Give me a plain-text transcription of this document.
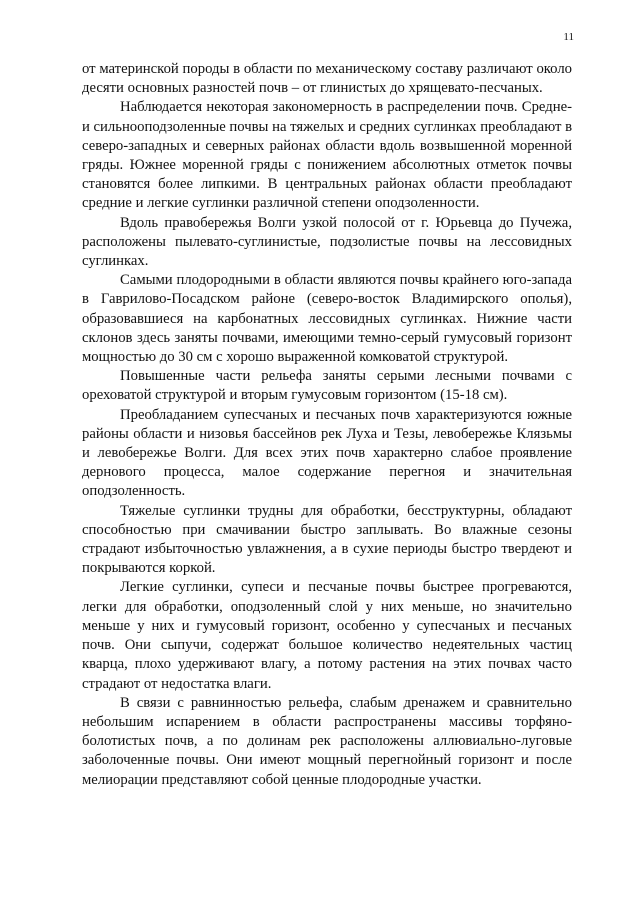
11

от материнской породы в области по механическому составу различают около десяти основных разностей почв – от глинистых до хрящевато-песчаных.

Наблюдается некоторая закономерность в распределении почв. Средне- и сильнооподзоленные почвы на тяжелых и средних суглинках преобладают в северо-западных и северных районах области вдоль возвышенной моренной гряды. Южнее моренной гряды с понижением абсолютных отметок почвы становятся более липкими. В центральных районах области преобладают средние и легкие суглинки различной степени оподзоленности.

Вдоль правобережья Волги узкой полосой от г. Юрьевца до Пучежа, расположены пылевато-суглинистые, подзолистые почвы на лессовидных суглинках.

Самыми плодородными в области являются почвы крайнего юго-запада в Гаврилово-Посадском районе (северо-восток Владимирского ополья), образовавшиеся на карбонатных лессовидных суглинках. Нижние части склонов здесь заняты почвами, имеющими темно-серый гумусовый горизонт мощностью до 30 см с хорошо выраженной комковатой структурой.

Повышенные части рельефа заняты серыми лесными почвами с ореховатой структурой и вторым гумусовым горизонтом (15-18 см).

Преобладанием супесчаных и песчаных почв характеризуются южные районы области и низовья бассейнов рек Луха и Тезы, левобережье Клязьмы и левобережье Волги. Для всех этих почв характерно слабое проявление дернового процесса, малое содержание перегноя и значительная оподзоленность.

Тяжелые суглинки трудны для обработки, бесструктурны, обладают способностью при смачивании быстро заплывать. Во влажные сезоны страдают избыточностью увлажнения, а в сухие периоды быстро твердеют и покрываются коркой.

Легкие суглинки, супеси и песчаные почвы быстрее прогреваются, легки для обработки, оподзоленный слой у них меньше, но значительно меньше у них и гумусовый горизонт, особенно у супесчаных и песчаных почв. Они сыпучи, содержат большое количество недеятельных частиц кварца, плохо удерживают влагу, а потому растения на этих почвах часто страдают от недостатка влаги.

В связи с равнинностью рельефа, слабым дренажем и сравнительно небольшим испарением в области распространены массивы торфяно-болотистых почв, а по долинам рек расположены аллювиально-луговые заболоченные почвы. Они имеют мощный перегнойный горизонт и после мелиорации представляют собой ценные плодородные участки.
